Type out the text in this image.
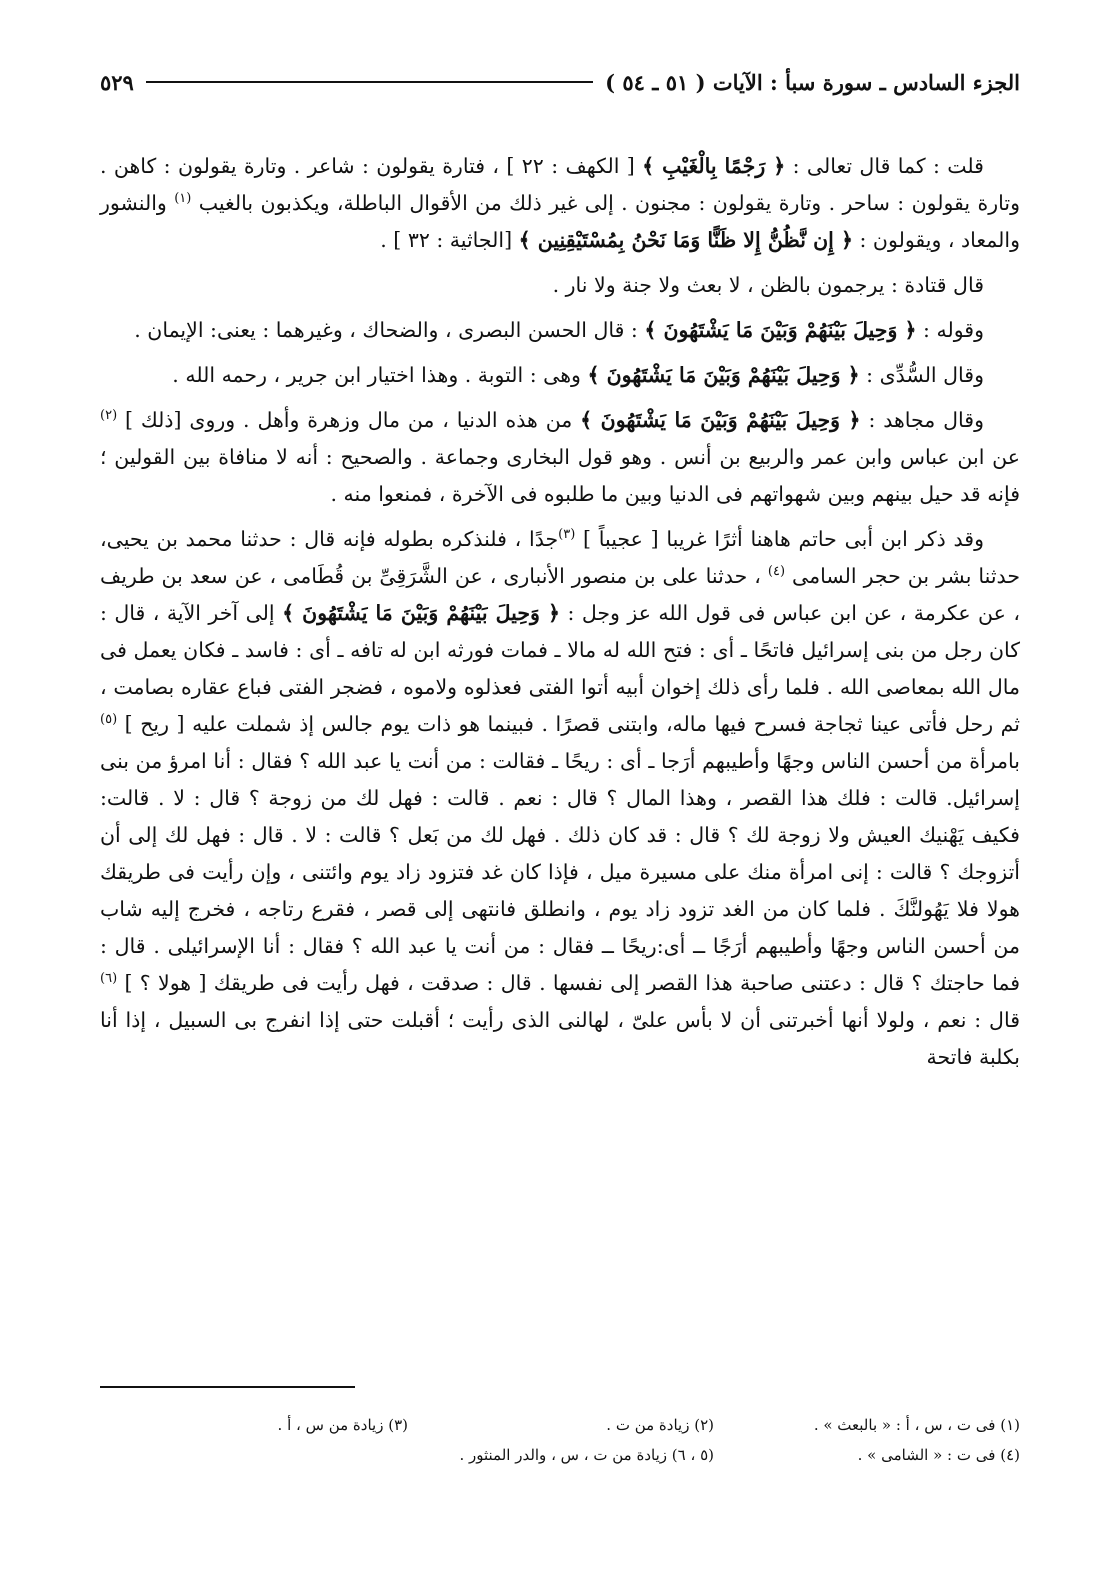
الجزء السادس ـ سورة سبأ : الآيات ( ٥١ ـ ٥٤ )
٥٢٩

قلت : كما قال تعالى : ﴿ رَجْمًا بِالْغَيْبِ ﴾ [ الكهف : ٢٢ ] ، فتارة يقولون : شاعر . وتارة يقولون : كاهن . وتارة يقولون : ساحر . وتارة يقولون : مجنون . إلى غير ذلك من الأقوال الباطلة، ويكذبون بالغيب $^{(١)}$ والنشور والمعاد ، ويقولون : ﴿ إِن نَّظُنُّ إِلا ظَنًّا وَمَا نَحْنُ بِمُسْتَيْقِنِين ﴾ [الجاثية : ٣٢ ] .

قال قتادة : يرجمون بالظن ، لا بعث ولا جنة ولا نار .

وقوله : ﴿ وَحِيلَ بَيْنَهُمْ وَبَيْنَ مَا يَشْتَهُونَ ﴾ : قال الحسن البصرى ، والضحاك ، وغيرهما : يعنى: الإيمان .

وقال السُّدِّى : ﴿ وَحِيلَ بَيْنَهُمْ وَبَيْنَ مَا يَشْتَهُونَ ﴾ وهى : التوبة . وهذا اختيار ابن جرير ، رحمه الله .

وقال مجاهد : ﴿ وَحِيلَ بَيْنَهُمْ وَبَيْنَ مَا يَشْتَهُونَ ﴾ من هذه الدنيا ، من مال وزهرة وأهل . وروى [ذلك ] $^{(٢)}$ عن ابن عباس وابن عمر والربيع بن أنس . وهو قول البخارى وجماعة . والصحيح : أنه لا منافاة بين القولين ؛ فإنه قد حيل بينهم وبين شهواتهم فى الدنيا وبين ما طلبوه فى الآخرة ، فمنعوا منه .

وقد ذكر ابن أبى حاتم هاهنا أثرًا غريبا [ عجيباً ] $^{(٣)}$جدًا ، فلنذكره بطوله فإنه قال : حدثنا محمد بن يحيى، حدثنا بشر بن حجر السامى $^{(٤)}$ ، حدثنا على بن منصور الأنبارى ، عن الشَّرَقِىِّ بن قُطَامى ، عن سعد بن طريف ، عن عكرمة ، عن ابن عباس فى قول الله عز وجل : ﴿ وَحِيلَ بَيْنَهُمْ وَبَيْنَ مَا يَشْتَهُونَ ﴾ إلى آخر الآية ، قال : كان رجل من بنى إسرائيل فاتحًا ـ أى : فتح الله له مالا ـ فمات فورثه ابن له تافه ـ أى : فاسد ـ فكان يعمل فى مال الله بمعاصى الله . فلما رأى ذلك إخوان أبيه أتوا الفتى فعذلوه ولاموه ، فضجر الفتى فباع عقاره بصامت ، ثم رحل فأتى عينا ثجاجة فسرح فيها ماله، وابتنى قصرًا . فبينما هو ذات يوم جالس إذ شملت عليه [ ريح ] $^{(٥)}$ بامرأة من أحسن الناس وجهًا وأطيبهم أرَجا ـ أى : ريحًا ـ فقالت : من أنت يا عبد الله ؟ فقال : أنا امرؤ من بنى إسرائيل. قالت : فلك هذا القصر ، وهذا المال ؟ قال : نعم . قالت : فهل لك من زوجة ؟ قال : لا . قالت: فكيف يَهْنيك العيش ولا زوجة لك ؟ قال : قد كان ذلك . فهل لك من بَعل ؟ قالت : لا . قال : فهل لك إلى أن أتزوجك ؟ قالت : إنى امرأة منك على مسيرة ميل ، فإذا كان غد فتزود زاد يوم وائتنى ، وإن رأيت فى طريقك هولا فلا يَهُولنَّكَ . فلما كان من الغد تزود زاد يوم ، وانطلق فانتهى إلى قصر ، فقرع رتاجه ، فخرج إليه شاب من أحسن الناس وجهًا وأطيبهم أرَجًا ــ أى:ريحًا ــ فقال : من أنت يا عبد الله ؟ فقال : أنا الإسرائيلى . قال : فما حاجتك ؟ قال : دعتنى صاحبة هذا القصر إلى نفسها . قال : صدقت ، فهل رأيت فى طريقك [ هولا ؟ ] $^{(٦)}$ قال : نعم ، ولولا أنها أخبرتنى أن لا بأس علىّ ، لهالنى الذى رأيت ؛ أقبلت حتى إذا انفرج بى السبيل ، إذا أنا بكلبة فاتحة

(١) فى ت ، س ، أ : « بالبعث » .
(٢) زيادة من ت .
(٣) زيادة من س ، أ .
(٤) فى ت : « الشامى » .
(٥ ، ٦) زيادة من ت ، س ، والدر المنثور .
